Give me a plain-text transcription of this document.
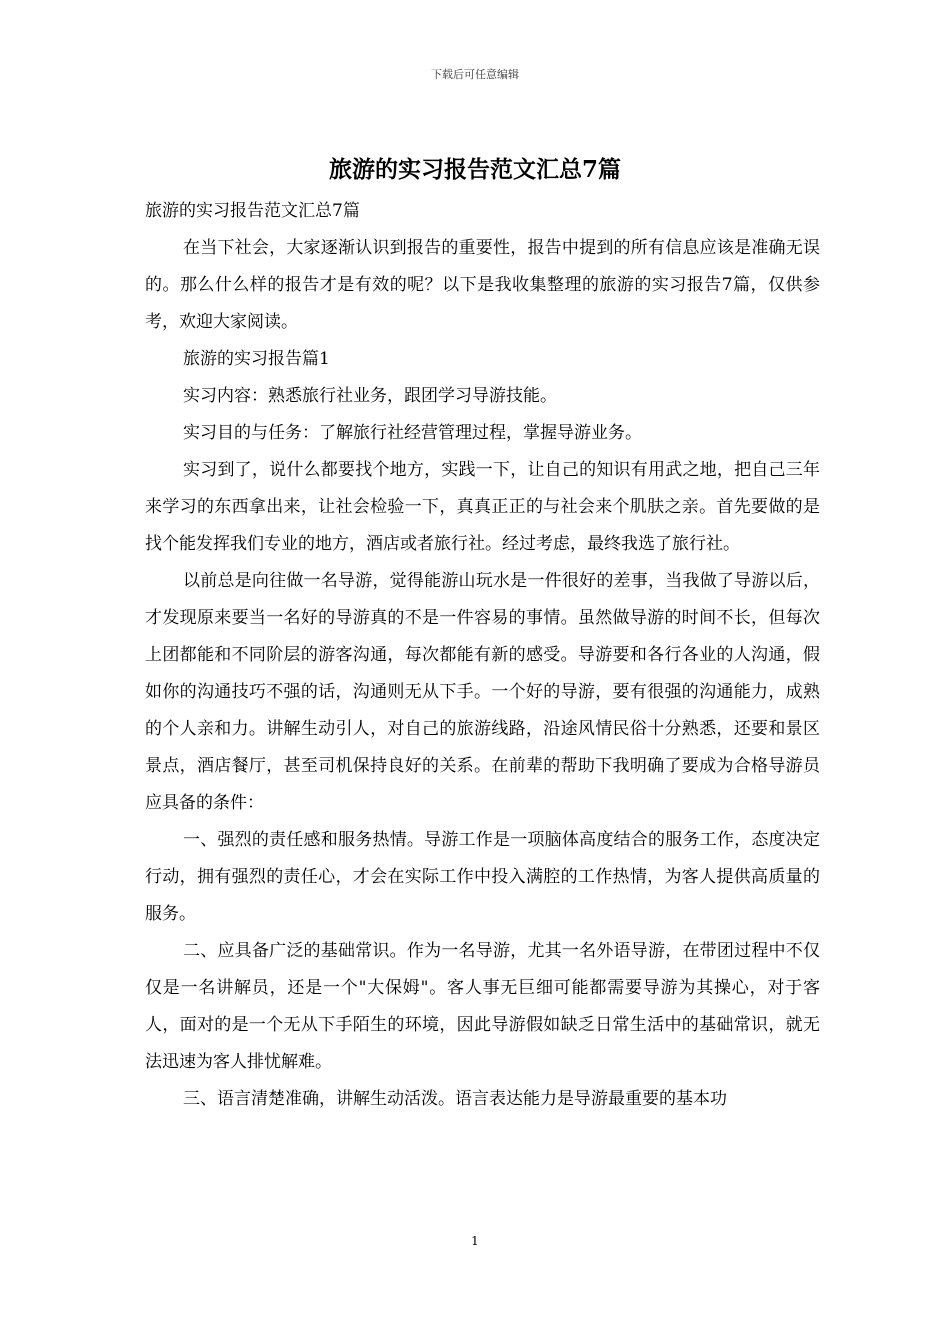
下载后可任意编辑
旅游的实习报告范文汇总7篇

旅游的实习报告范文汇总7篇

在当下社会，大家逐渐认识到报告的重要性，报告中提到的所有信息应该是准确无误的。那么什么样的报告才是有效的呢？以下是我收集整理的旅游的实习报告7篇，仅供参考，欢迎大家阅读。

旅游的实习报告篇1

实习内容：熟悉旅行社业务，跟团学习导游技能。

实习目的与任务：了解旅行社经营管理过程，掌握导游业务。

实习到了，说什么都要找个地方，实践一下，让自己的知识有用武之地，把自己三年来学习的东西拿出来，让社会检验一下，真真正正的与社会来个肌肤之亲。首先要做的是找个能发挥我们专业的地方，酒店或者旅行社。经过考虑，最终我选了旅行社。

以前总是向往做一名导游，觉得能游山玩水是一件很好的差事，当我做了导游以后，才发现原来要当一名好的导游真的不是一件容易的事情。虽然做导游的时间不长，但每次上团都能和不同阶层的游客沟通，每次都能有新的感受。导游要和各行各业的人沟通，假如你的沟通技巧不强的话，沟通则无从下手。一个好的导游，要有很强的沟通能力，成熟的个人亲和力。讲解生动引人，对自己的旅游线路，沿途风情民俗十分熟悉，还要和景区景点，酒店餐厅，甚至司机保持良好的关系。在前辈的帮助下我明确了要成为合格导游员应具备的条件：

一、强烈的责任感和服务热情。导游工作是一项脑体高度结合的服务工作，态度决定行动，拥有强烈的责任心，才会在实际工作中投入满腔的工作热情，为客人提供高质量的服务。

二、应具备广泛的基础常识。作为一名导游，尤其一名外语导游，在带团过程中不仅仅是一名讲解员，还是一个"大保姆"。客人事无巨细可能都需要导游为其操心，对于客人，面对的是一个无从下手陌生的环境，因此导游假如缺乏日常生活中的基础常识，就无法迅速为客人排忧解难。

三、语言清楚准确，讲解生动活泼。语言表达能力是导游最重要的基本功

1
